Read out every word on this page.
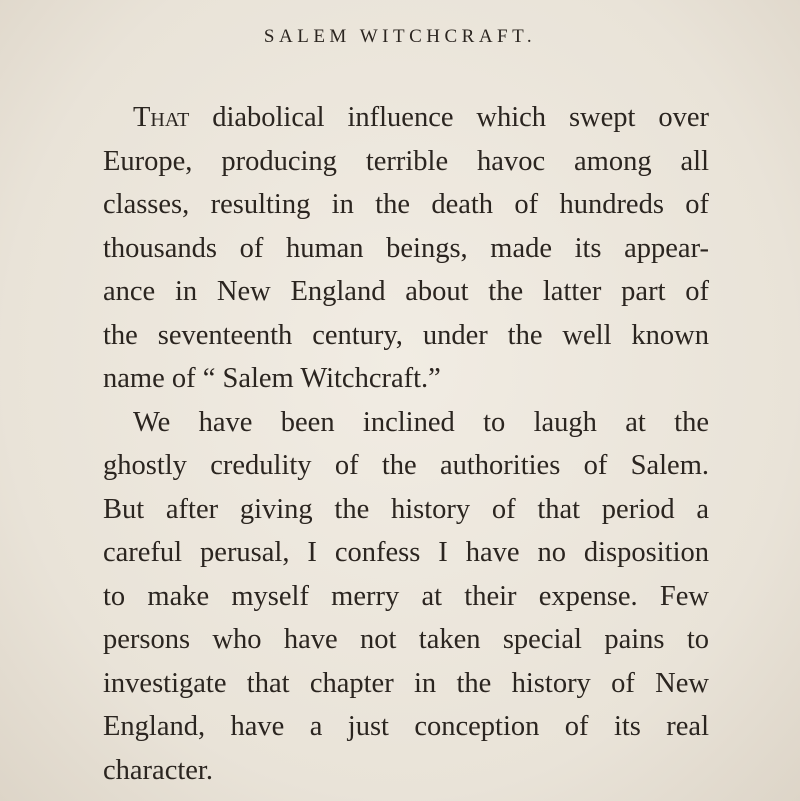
SALEM WITCHCRAFT.
That diabolical influence which swept over
Europe, producing terrible havoc among all
classes, resulting in the death of hundreds of
thousands of human beings, made its appear-
ance in New England about the latter part of
the seventeenth century, under the well known
name of “ Salem Witchcraft.”
We have been inclined to laugh at the
ghostly credulity of the authorities of Salem.
But after giving the history of that period a
careful perusal, I confess I have no disposition
to make myself merry at their expense. Few
persons who have not taken special pains to
investigate that chapter in the history of New
England, have a just conception of its real
character.
